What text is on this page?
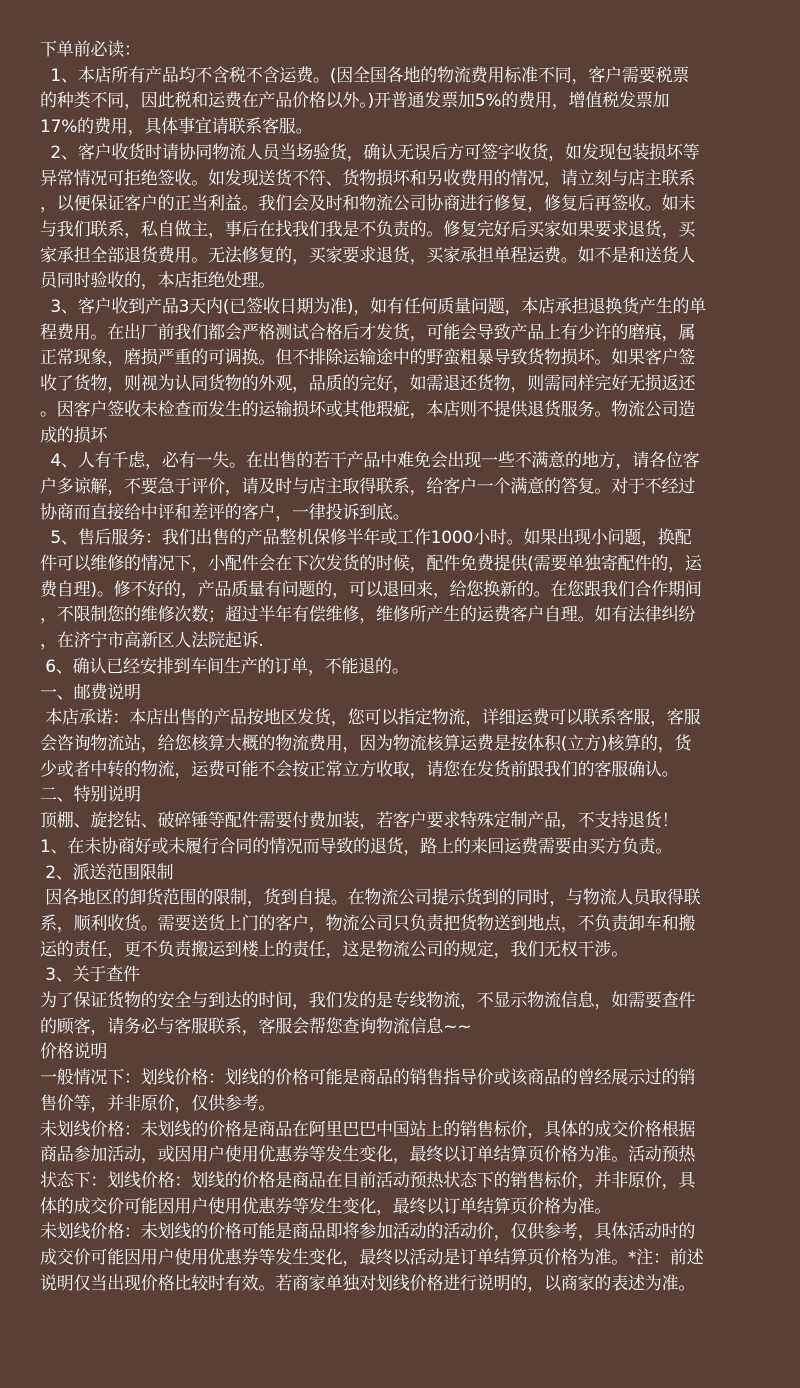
下单前必读：
1、本店所有产品均不含税不含运费。(因全国各地的物流费用标准不同，客户需要税票
的种类不同，因此税和运费在产品价格以外。)开普通发票加5%的费用，增值税发票加
17%的费用，具体事宜请联系客服。
2、客户收货时请协同物流人员当场验货，确认无误后方可签字收货，如发现包装损坏等
异常情况可拒绝签收。如发现送货不符、货物损坏和另收费用的情况，请立刻与店主联系
，以便保证客户的正当利益。我们会及时和物流公司协商进行修复，修复后再签收。如未
与我们联系，私自做主，事后在找我们我是不负责的。修复完好后买家如果要求退货，买
家承担全部退货费用。无法修复的，买家要求退货，买家承担单程运费。如不是和送货人
员同时验收的，本店拒绝处理。
3、客户收到产品3天内(已签收日期为准)，如有任何质量问题，本店承担退换货产生的单
程费用。在出厂前我们都会严格测试合格后才发货，可能会导致产品上有少许的磨痕，属
正常现象，磨损严重的可调换。但不排除运输途中的野蛮粗暴导致货物损坏。如果客户签
收了货物，则视为认同货物的外观，品质的完好，如需退还货物，则需同样完好无损返还
。因客户签收未检查而发生的运输损坏或其他瑕疵，本店则不提供退货服务。物流公司造
成的损坏
4、人有千虑，必有一失。在出售的若干产品中难免会出现一些不满意的地方，请各位客
户多谅解，不要急于评价，请及时与店主取得联系，给客户一个满意的答复。对于不经过
协商而直接给中评和差评的客户，一律投诉到底。
5、售后服务：我们出售的产品整机保修半年或工作1000小时。如果出现小问题，换配
件可以维修的情况下，小配件会在下次发货的时候，配件免费提供(需要单独寄配件的，运
费自理)。修不好的，产品质量有问题的，可以退回来，给您换新的。在您跟我们合作期间
，不限制您的维修次数；超过半年有偿维修，维修所产生的运费客户自理。如有法律纠纷
，在济宁市高新区人法院起诉.
6、确认已经安排到车间生产的订单，不能退的。
一、邮费说明
本店承诺：本店出售的产品按地区发货，您可以指定物流，详细运费可以联系客服，客服
会咨询物流站，给您核算大概的物流费用，因为物流核算运费是按体积(立方)核算的，货
少或者中转的物流，运费可能不会按正常立方收取，请您在发货前跟我们的客服确认。
二、特别说明
顶棚、旋挖钻、破碎锤等配件需要付费加装，若客户要求特殊定制产品，不支持退货！
1、在未协商好或未履行合同的情况而导致的退货，路上的来回运费需要由买方负责。
2、派送范围限制
因各地区的卸货范围的限制，货到自提。在物流公司提示货到的同时，与物流人员取得联
系，顺利收货。需要送货上门的客户，物流公司只负责把货物送到地点，不负责卸车和搬
运的责任，更不负责搬运到楼上的责任，这是物流公司的规定，我们无权干涉。
3、关于查件
为了保证货物的安全与到达的时间，我们发的是专线物流，不显示物流信息，如需要查件
的顾客，请务必与客服联系，客服会帮您查询物流信息~~
价格说明
一般情况下：划线价格：划线的价格可能是商品的销售指导价或该商品的曾经展示过的销
售价等，并非原价，仅供参考。
未划线价格：未划线的价格是商品在阿里巴巴中国站上的销售标价，具体的成交价格根据
商品参加活动，或因用户使用优惠券等发生变化，最终以订单结算页价格为准。活动预热
状态下：划线价格：划线的价格是商品在目前活动预热状态下的销售标价，并非原价，具
体的成交价可能因用户使用优惠券等发生变化，最终以订单结算页价格为准。
未划线价格：未划线的价格可能是商品即将参加活动的活动价，仅供参考，具体活动时的
成交价可能因用户使用优惠券等发生变化，最终以活动是订单结算页价格为准。*注：前述
说明仅当出现价格比较时有效。若商家单独对划线价格进行说明的，以商家的表述为准。
